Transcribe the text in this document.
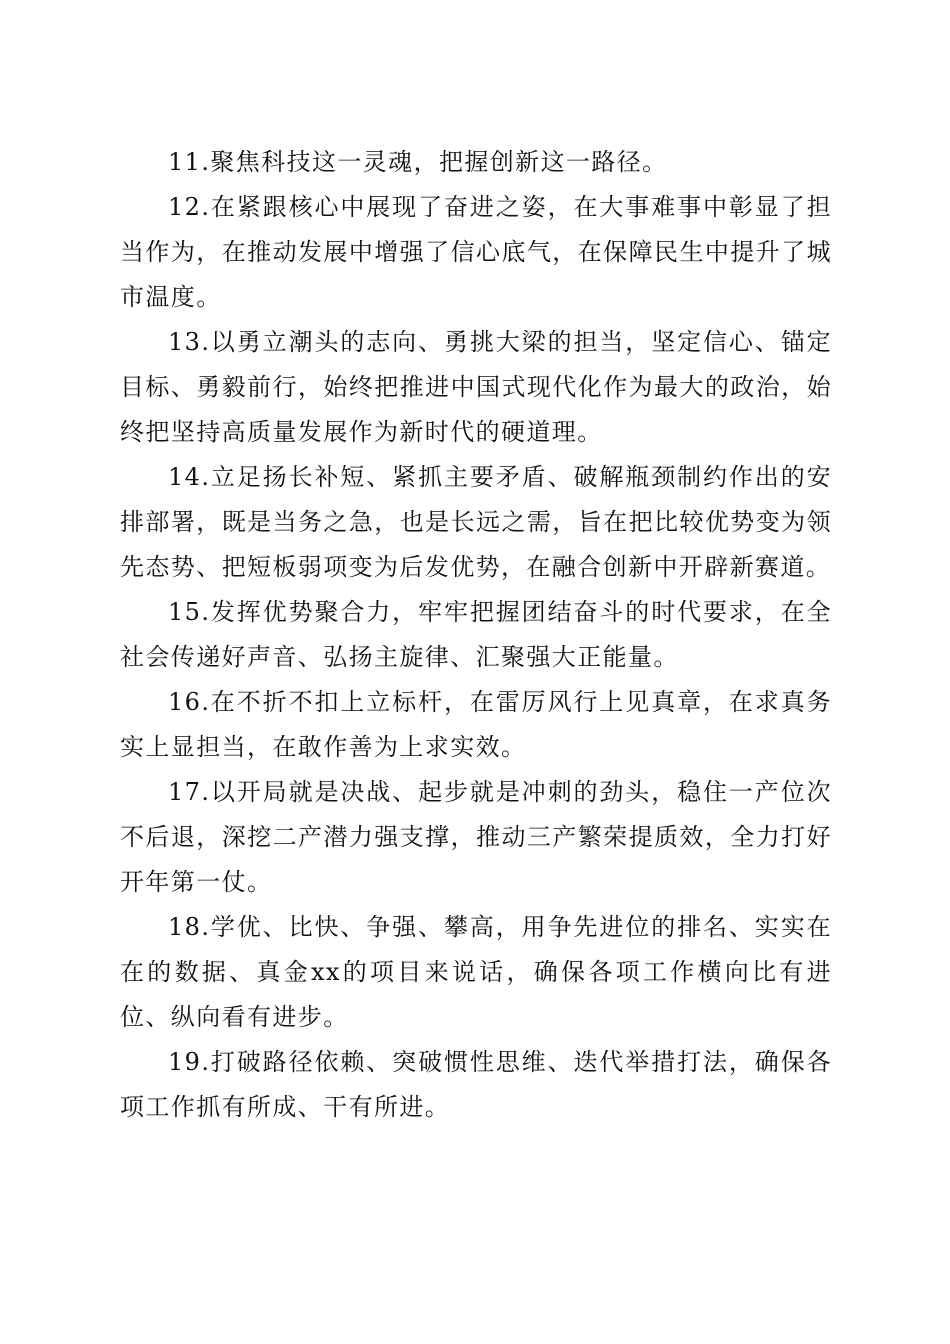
11.聚焦科技这一灵魂，把握创新这一路径。

12.在紧跟核心中展现了奋进之姿，在大事难事中彰显了担当作为，在推动发展中增强了信心底气，在保障民生中提升了城市温度。

13.以勇立潮头的志向、勇挑大梁的担当，坚定信心、锚定目标、勇毅前行，始终把推进中国式现代化作为最大的政治，始终把坚持高质量发展作为新时代的硬道理。

14.立足扬长补短、紧抓主要矛盾、破解瓶颈制约作出的安排部署，既是当务之急，也是长远之需，旨在把比较优势变为领先态势、把短板弱项变为后发优势，在融合创新中开辟新赛道。

15.发挥优势聚合力，牢牢把握团结奋斗的时代要求，在全社会传递好声音、弘扬主旋律、汇聚强大正能量。

16.在不折不扣上立标杆，在雷厉风行上见真章，在求真务实上显担当，在敢作善为上求实效。

17.以开局就是决战、起步就是冲刺的劲头，稳住一产位次不后退，深挖二产潜力强支撑，推动三产繁荣提质效，全力打好开年第一仗。

18.学优、比快、争强、攀高，用争先进位的排名、实实在在的数据、真金xx的项目来说话，确保各项工作横向比有进位、纵向看有进步。

19.打破路径依赖、突破惯性思维、迭代举措打法，确保各项工作抓有所成、干有所进。
